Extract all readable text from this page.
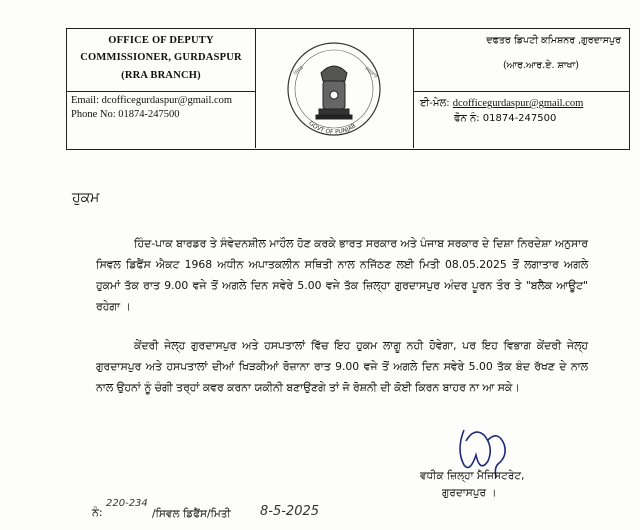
OFFICE OF DEPUTY
COMMISSIONER, GURDASPUR
(RRA BRANCH)
Email: dcofficegurdaspur@gmail.com
Phone No: 01874-247500
GOVT OF PUNJAB
ਪੰਜਾਬ	ਸਰਕਾਰ
ਦਫਤਰ ਡਿਪਟੀ ਕਮਿਸ਼ਨਰ ,ਗੁਰਦਾਸਪੁਰ
(ਆਰ.ਆਰ.ਏ. ਸ਼ਾਖਾ)
ਈ-ਮੇਲ: dcofficegurdaspur@gmail.com
ਫੋਨ ਨੰ: 01874-247500
ਹੁਕਮ
ਹਿੰਦ-ਪਾਕ ਬਾਰਡਰ ਤੇ ਸੰਵੇਦਨਸ਼ੀਲ ਮਾਹੌਲ ਹੋਣ ਕਰਕੇ ਭਾਰਤ ਸਰਕਾਰ ਅਤੇ ਪੰਜਾਬ ਸਰਕਾਰ ਦੇ ਦਿਸ਼ਾ ਨਿਰਦੇਸ਼ਾ ਅਨੁਸਾਰ ਸਿਵਲ ਡਿਫੈਂਸ ਐਕਟ 1968 ਅਧੀਨ ਅਪਾਤਕਲੀਨ ਸਥਿਤੀ ਨਾਲ ਨਜਿੱਠਣ ਲਈ ਮਿਤੀ 08.05.2025 ਤੋਂ ਲਗਾਤਾਰ ਅਗਲੇ ਹੁਕਮਾਂ ਤੱਕ ਰਾਤ 9.00 ਵਜੇ ਤੋਂ ਅਗਲੇ ਦਿਨ ਸਵੇਰੇ 5.00 ਵਜੇ ਤੱਕ ਜ਼ਿਲ੍ਹਾ ਗੁਰਦਾਸਪੁਰ ਅੰਦਰ ਪੂਰਨ ਤੌਰ ਤੇ "ਬਲੈਕ ਆਊਟ" ਰਹੇਗਾ ।
ਕੇਂਦਰੀ ਜੇਲ੍ਹ ਗੁਰਦਾਸਪੁਰ ਅਤੇ ਹਸਪਤਾਲਾਂ ਵਿੱਚ ਇਹ ਹੁਕਮ ਲਾਗੂ ਨਹੀ ਹੋਵੇਗਾ, ਪਰ ਇਹ ਵਿਭਾਗ ਕੇਂਦਰੀ ਜੇਲ੍ਹ ਗੁਰਦਾਸਪੁਰ ਅਤੇ ਹਸਪਤਾਲਾਂ ਦੀਆਂ ਖਿੜਕੀਆਂ ਰੋਜ਼ਾਨਾ ਰਾਤ 9.00 ਵਜੇ ਤੋਂ ਅਗਲੇ ਦਿਨ ਸਵੇਰੇ 5.00 ਤੱਕ ਬੰਦ ਰੱਖਣ ਦੇ ਨਾਲ ਨਾਲ ਉਹਨਾਂ ਨੂੰ ਚੰਗੀ ਤਰ੍ਹਾਂ ਕਵਰ ਕਰਨਾ ਯਕੀਨੀ ਬਣਾਉਣਗੇ ਤਾਂ ਜੋ ਰੋਸ਼ਨੀ ਦੀ ਕੋਈ ਕਿਰਨ ਬਾਹਰ ਨਾ ਆ ਸਕੇ।
ਵਧੀਕ ਜ਼ਿਲ੍ਹਾ ਮੈਜਿਸਟਰੇਟ,
ਗੁਰਦਾਸਪੁਰ ।
ਨੰ:
220-234
/ਸਿਵਲ ਡਿਫੈਂਸ/ਮਿਤੀ 8-5-2025
